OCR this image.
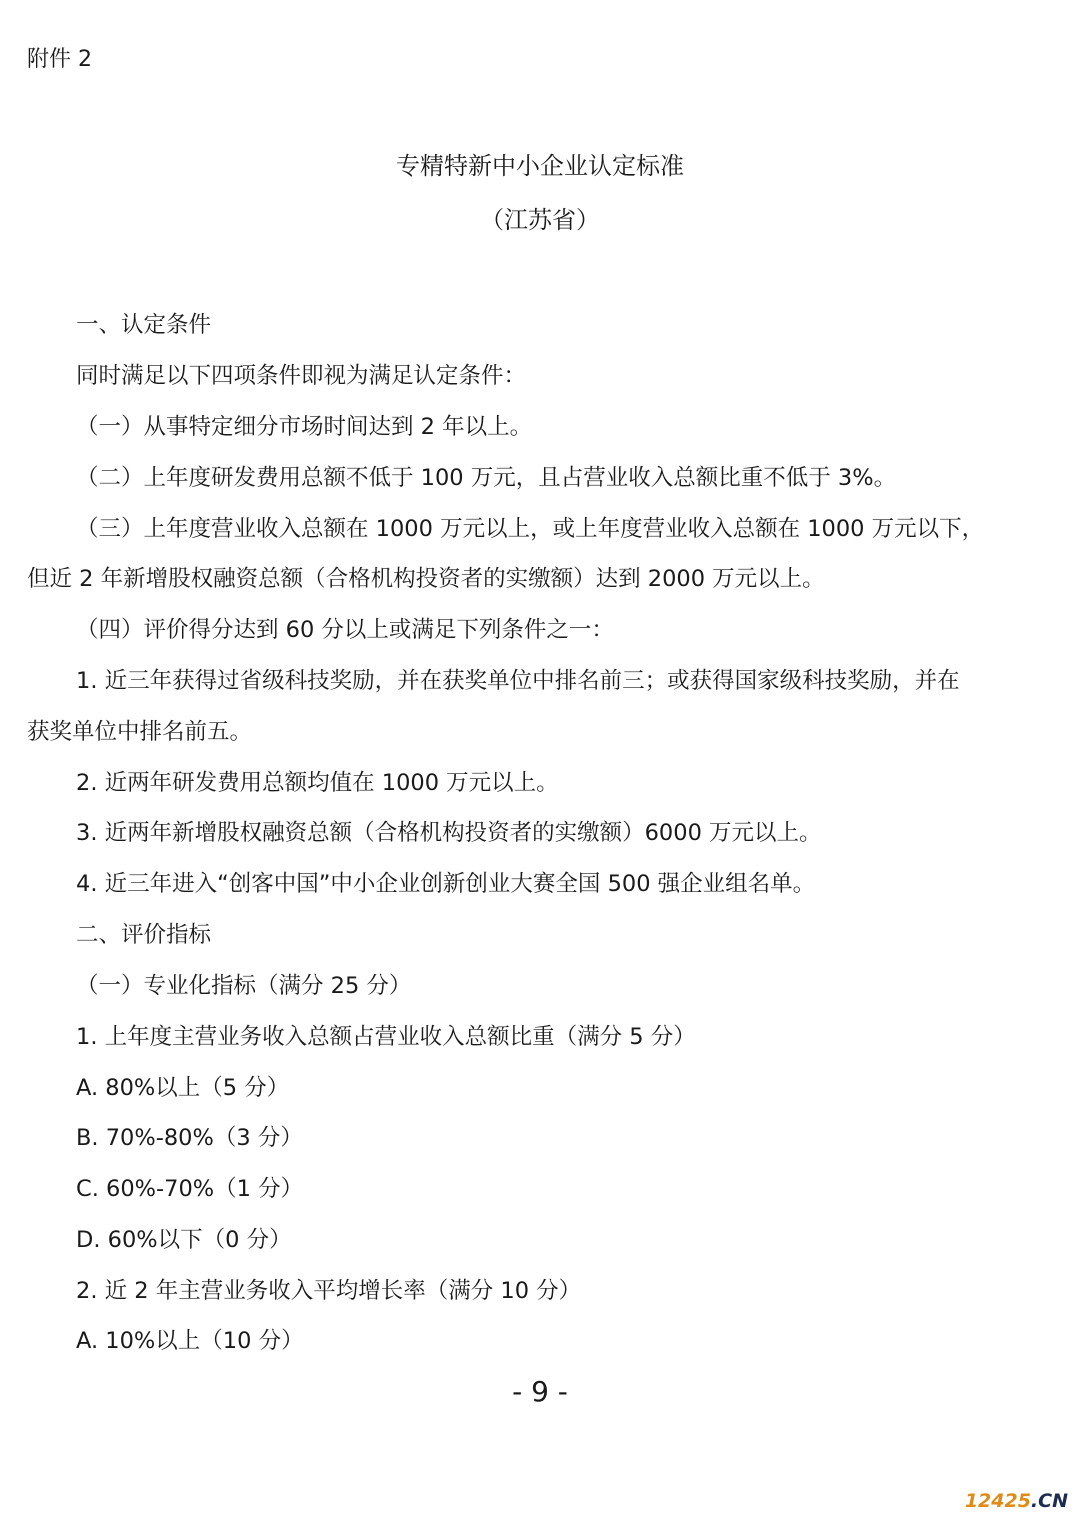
附件 2
专精特新中小企业认定标准
（江苏省）
一、认定条件
同时满足以下四项条件即视为满足认定条件：
（一）从事特定细分市场时间达到 2 年以上。
（二）上年度研发费用总额不低于 100 万元，且占营业收入总额比重不低于 3%。
（三）上年度营业收入总额在 1000 万元以上，或上年度营业收入总额在 1000 万元以下，
但近 2 年新增股权融资总额（合格机构投资者的实缴额）达到 2000 万元以上。
（四）评价得分达到 60 分以上或满足下列条件之一：
1. 近三年获得过省级科技奖励，并在获奖单位中排名前三；或获得国家级科技奖励，并在
获奖单位中排名前五。
2. 近两年研发费用总额均值在 1000 万元以上。
3. 近两年新增股权融资总额（合格机构投资者的实缴额）6000 万元以上。
4. 近三年进入“创客中国”中小企业创新创业大赛全国 500 强企业组名单。
二、评价指标
（一）专业化指标（满分 25 分）
1. 上年度主营业务收入总额占营业收入总额比重（满分 5 分）
A. 80%以上（5 分）
B. 70%-80%（3 分）
C. 60%-70%（1 分）
D. 60%以下（0 分）
2. 近 2 年主营业务收入平均增长率（满分 10 分）
A. 10%以上（10 分）
- 9 -
12425.CN
